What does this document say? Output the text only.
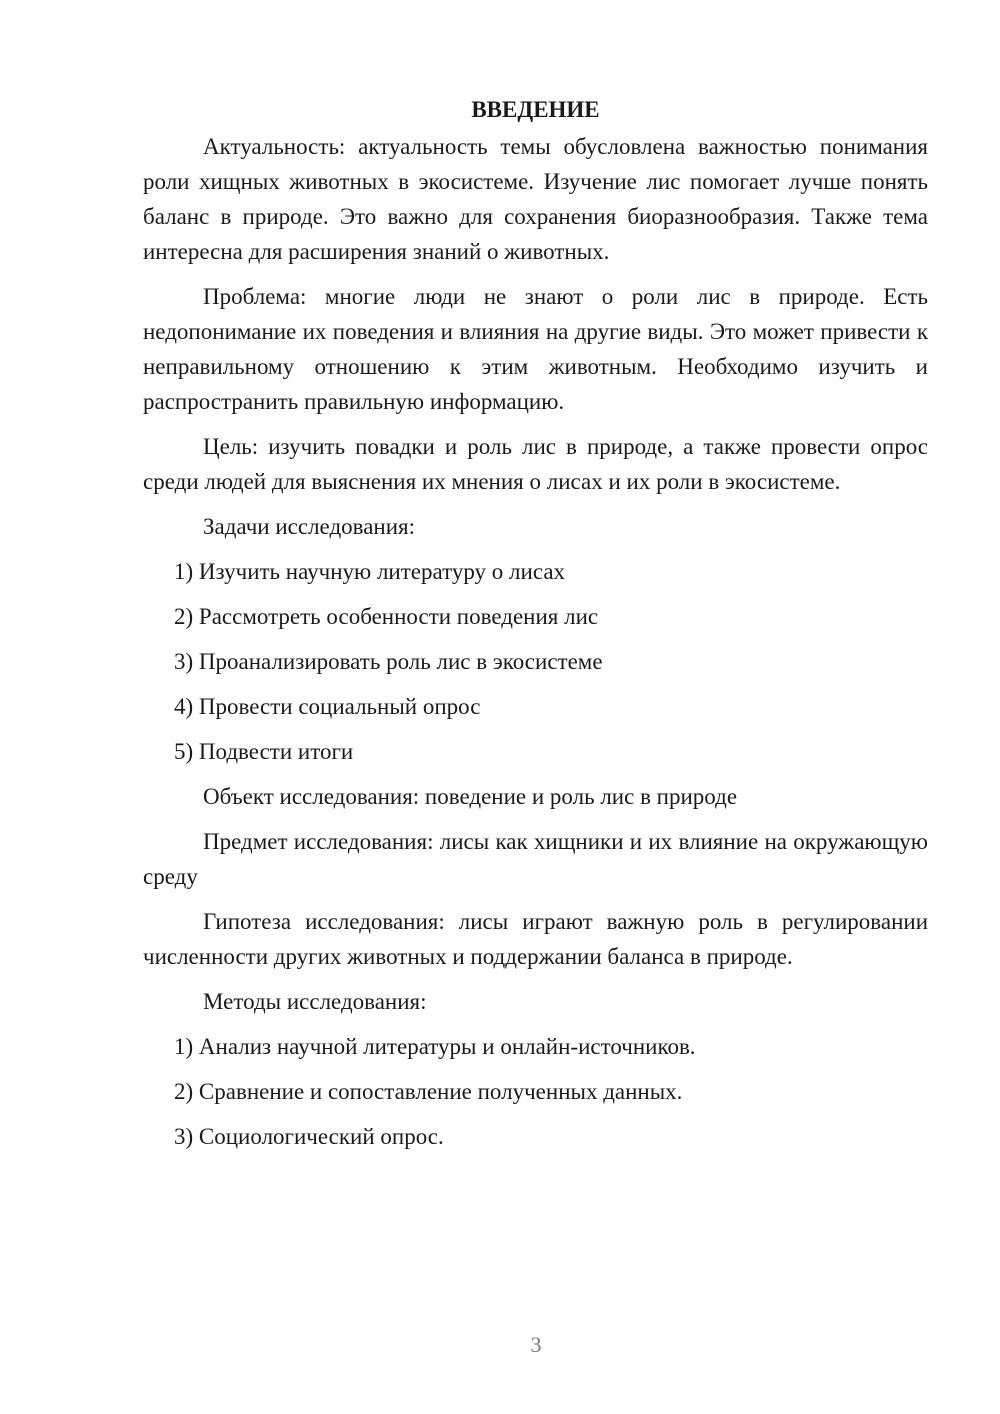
ВВЕДЕНИЕ

Актуальность: актуальность темы обусловлена важностью понимания роли хищных животных в экосистеме. Изучение лис помогает лучше понять баланс в природе. Это важно для сохранения биоразнообразия. Также тема интересна для расширения знаний о животных.

Проблема: многие люди не знают о роли лис в природе. Есть недопонимание их поведения и влияния на другие виды. Это может привести к неправильному отношению к этим животным. Необходимо изучить и распространить правильную информацию.

Цель: изучить повадки и роль лис в природе, а также провести опрос среди людей для выяснения их мнения о лисах и их роли в экосистеме.

Задачи исследования:

1) Изучить научную литературу о лисах
2) Рассмотреть особенности поведения лис
3) Проанализировать роль лис в экосистеме
4) Провести социальный опрос
5) Подвести итоги

Объект исследования: поведение и роль лис в природе

Предмет исследования: лисы как хищники и их влияние на окружающую среду

Гипотеза исследования: лисы играют важную роль в регулировании численности других животных и поддержании баланса в природе.

Методы исследования:

1) Анализ научной литературы и онлайн-источников.
2) Сравнение и сопоставление полученных данных.
3) Социологический опрос.
3
